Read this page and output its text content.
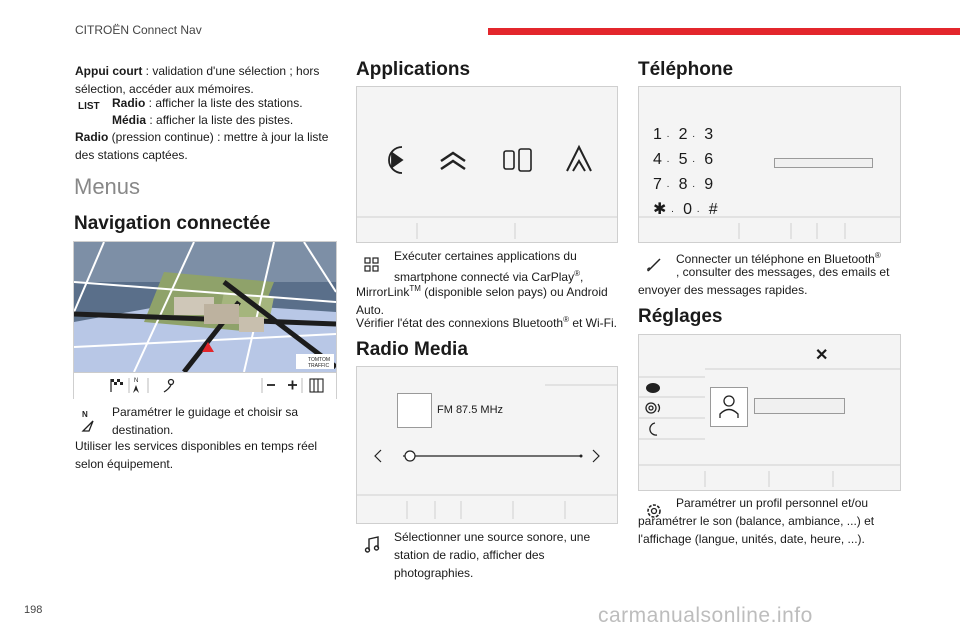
CITROËN Connect Nav
198	carmanualsonline.info
Appui court : validation d'une sélection ; hors sélection, accéder aux mémoires.
LIST Radio : afficher la liste des stations.
Média : afficher la liste des pistes.
Radio (pression continue) : mettre à jour la liste des stations captées.
Menus
Navigation connectée
TOMTOM
TRAFFIC
N
N Paramétrer le guidage et choisir sa destination.
Utiliser les services disponibles en temps réel selon équipement.
Applications
Exécuter certaines applications du smartphone connecté via CarPlay®,
MirrorLink™ (disponible selon pays) ou Android Auto.
Vérifier l'état des connexions Bluetooth® et Wi-Fi.
Radio Media
FM 87.5 MHz
Sélectionner une source sonore, une station de radio, afficher des photographies.
Téléphone
1 · 2 · 3
4 · 5 · 6
7 · 8 · 9
✱ · 0 · #
Connecter un téléphone en Bluetooth®
, consulter des messages, des emails et envoyer des messages rapides.
Réglages
✕
Paramétrer un profil personnel et/ou paramétrer le son (balance, ambiance, ...) et l'affichage (langue, unités, date, heure, ...).
